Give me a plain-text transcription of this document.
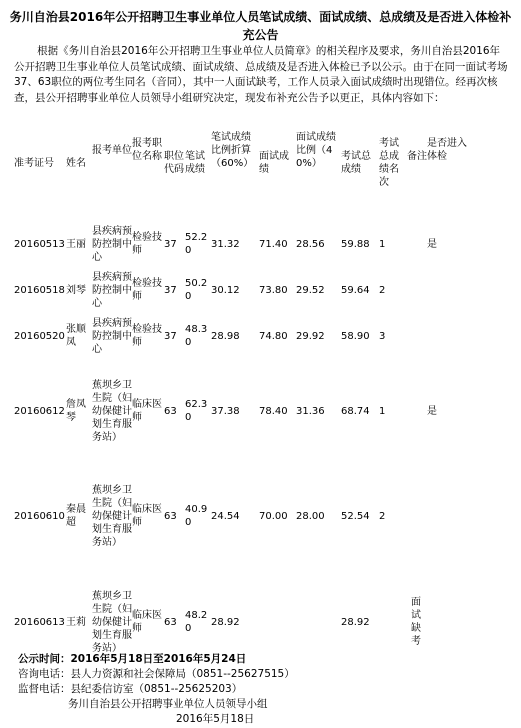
务川自治县2016年公开招聘卫生事业单位人员笔试成绩、面试成绩、总成绩及是否进入体检补充公告
根据《务川自治县2016年公开招聘卫生事业单位人员简章》的相关程序及要求，务川自治县2016年公开招聘卫生事业单位人员笔试成绩、面试成绩、总成绩及是否进入体检已予以公示。由于在同一面试考场37、63职位的两位考生同名（音同），其中一人面试缺考，工作人员录入面试成绩时出现错位。经再次核查，县公开招聘事业单位人员领导小组研究决定，现发布补充公告予以更正，具体内容如下：
准考证号	姓名	报考单位	报考职位名称	职位代码	笔试成绩	笔试成绩比例折算（60%）	面试成绩	面试成绩比例（40%）	考试总成绩	考试总成绩名次	备注	是否进入体检
20160513	王丽	县疾病预防控制中心	检验技师	37	52.20	31.32	71.40	28.56	59.88	1		是
20160518	刘琴	县疾病预防控制中心	检验技师	37	50.20	30.12	73.80	29.52	59.64	2		
20160520	张顺凤	县疾病预防控制中心	检验技师	37	48.30	28.98	74.80	29.92	58.90	3		
20160612	詹凤琴	蕉坝乡卫生院（妇幼保健计划生育服务站）	临床医师	63	62.30	37.38	78.40	31.36	68.74	1		是
20160610	秦晨超	蕉坝乡卫生院（妇幼保健计划生育服务站）	临床医师	63	40.90	24.54	70.00	28.00	52.54	2		
20160613	王莉	蕉坝乡卫生院（妇幼保健计划生育服务站）	临床医师	63	48.20	28.92			28.92		面试缺考	

公示时间：2016年5月18日至2016年5月24日
咨询电话：县人力资源和社会保障局（0851--25627515）
监督电话：县纪委信访室（0851--25625203）
务川自治县公开招聘事业单位人员领导小组
2016年5月18日
